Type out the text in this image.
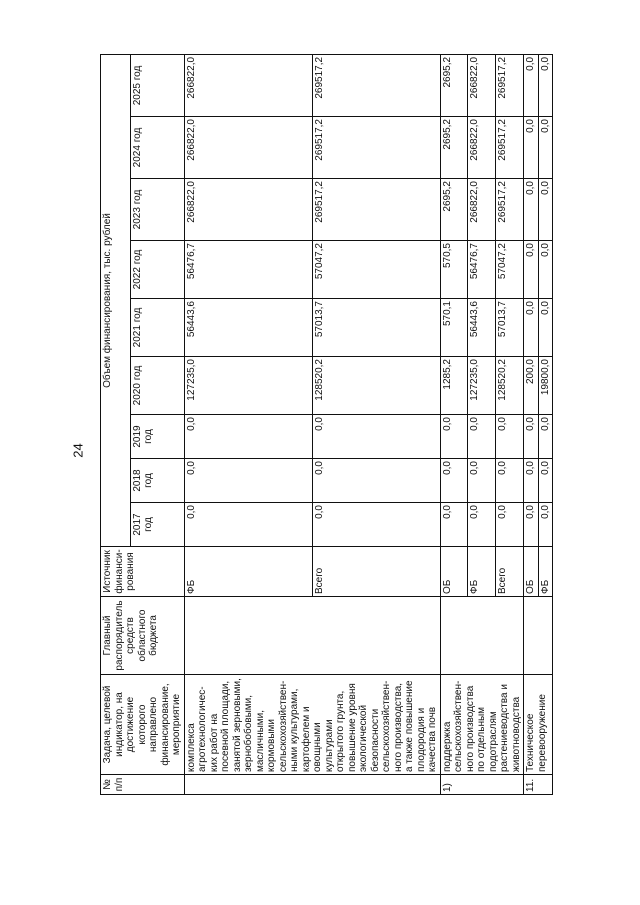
24
№ п/п	Задача, целевой индикатор, на достижение которого направлено финансирование, мероприятие	Главный распорядитель средств областного бюджета	Источник финанси-рования	Объем финансирования, тыс. рублей								
				2017 год	2018 год	2019 год	2020 год	2021 год	2022 год	2023 год	2024 год	2025 год
	комплекса агротехнологичес-ких работ на посевной площади, занятой зерновыми, зернобобовыми, масличными, кормовыми сельскохозяйствен-ными культурами, картофелем и овощными культурами открытого грунта, повышение уровня экологической безопасности сельскохозяйствен-ного производства, а также повышение плодородия и качества почв		ФБ	0,0	0,0	0,0	127235,0	56443,6	56476,7	266822,0	266822,0	266822,0
			Всего	0,0	0,0	0,0	128520,2	57013,7	57047,2	269517,2	269517,2	269517,2
1)	поддержка сельскохозяйствен-ного производства по отдельным подотраслям растениеводства и животноводства		ОБ	0,0	0,0	0,0	1285,2	570,1	570,5	2695,2	2695,2	2695,2
			ФБ	0,0	0,0	0,0	127235,0	56443,6	56476,7	266822,0	266822,0	266822,0
			Всего	0,0	0,0	0,0	128520,2	57013,7	57047,2	269517,2	269517,2	269517,2
11.	Техническое перевооружение		ОБ	0,0	0,0	0,0	200,0	0,0	0,0	0,0	0,0	0,0
			ФБ	0,0	0,0	0,0	19800,0	0,0	0,0	0,0	0,0	0,0
